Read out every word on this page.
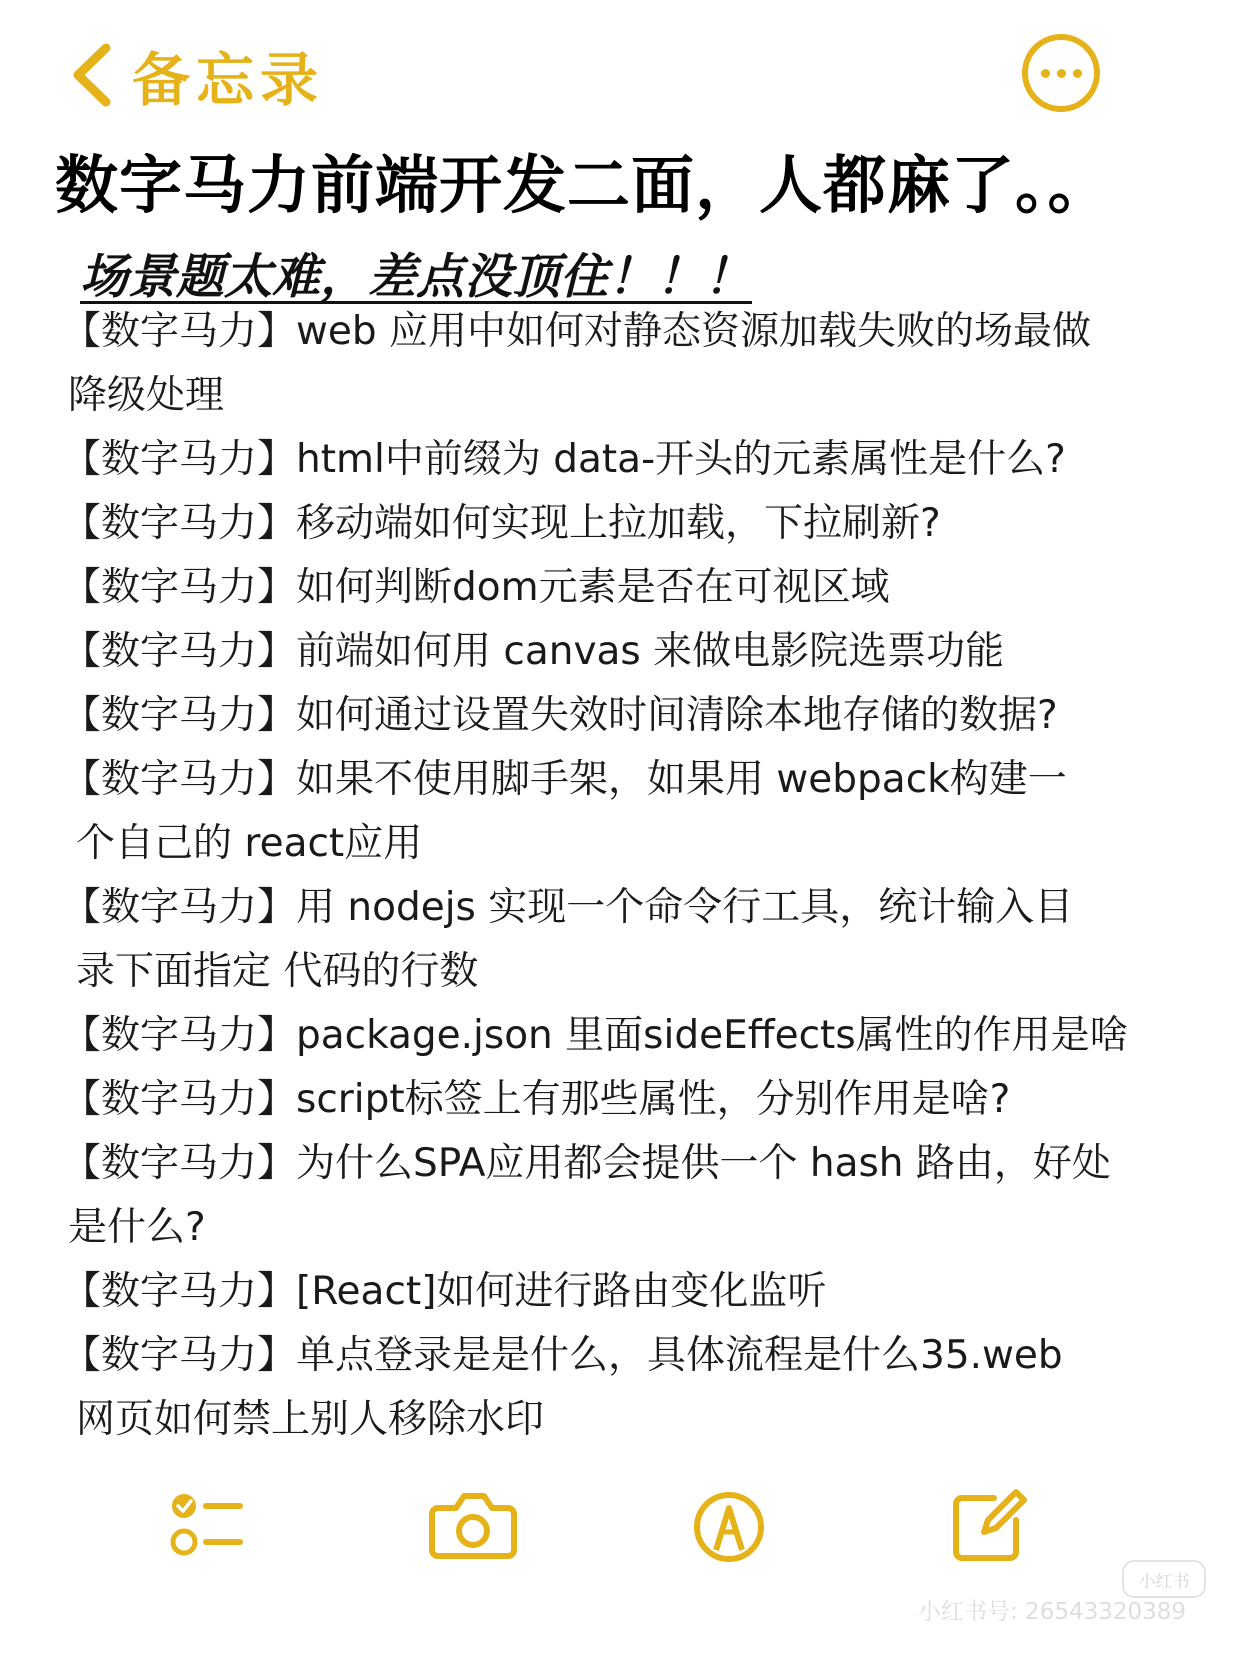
备忘录
数字马力前端开发二面，人都麻了。。
场景题太难，差点没顶住！！！
【数字马力】web 应用中如何对静态资源加载失败的场最做
降级处理
【数字马力】html中前缀为 data-开头的元素属性是什么?
【数字马力】移动端如何实现上拉加载，下拉刷新?
【数字马力】如何判断dom元素是否在可视区域
【数字马力】前端如何用 canvas 来做电影院选票功能
【数字马力】如何通过设置失效时间清除本地存储的数据?
【数字马力】如果不使用脚手架，如果用 webpack构建一
个自己的 react应用
【数字马力】用 nodejs 实现一个命令行工具，统计输入目
录下面指定 代码的行数
【数字马力】package.json 里面sideEffects属性的作用是啥
【数字马力】script标签上有那些属性，分别作用是啥?
【数字马力】为什么SPA应用都会提供一个 hash 路由，好处
是什么?
【数字马力】[React]如何进行路由变化监听
【数字马力】单点登录是是什么，具体流程是什么35.web
网页如何禁上别人移除水印
小红书
小红书号: 26543320389
